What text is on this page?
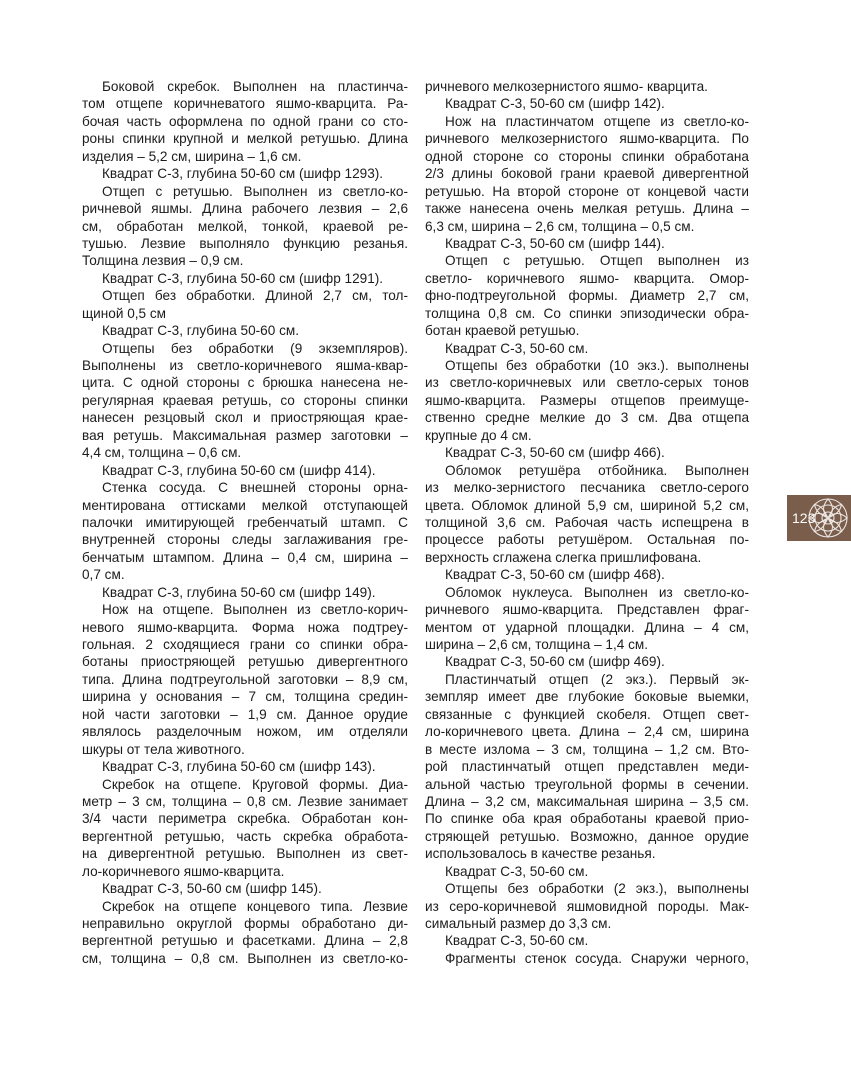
Боковой скребок. Выполнен на пластинча-
том отщепе коричневатого яшмо-кварцита. Ра-
бочая часть оформлена по одной грани со сто-
роны спинки крупной и мелкой ретушью. Длина
изделия – 5,2 см, ширина – 1,6 см.
Квадрат С-3, глубина 50-60 см (шифр 1293).
Отщеп с ретушью. Выполнен из светло-ко-
ричневой яшмы. Длина рабочего лезвия – 2,6
см, обработан мелкой, тонкой, краевой ре-
тушью. Лезвие выполняло функцию резанья.
Толщина лезвия – 0,9 см.
Квадрат С-3, глубина 50-60 см (шифр 1291).
Отщеп без обработки. Длиной 2,7 см, тол-
щиной 0,5 см
Квадрат С-3, глубина 50-60 см.
Отщепы без обработки (9 экземпляров).
Выполнены из светло-коричневого яшма-квар-
цита. С одной стороны с брюшка нанесена не-
регулярная краевая ретушь, со стороны спинки
нанесен резцовый скол и приостряющая крае-
вая ретушь. Максимальная размер заготовки –
4,4 см, толщина – 0,6 см.
Квадрат С-3, глубина 50-60 см (шифр 414).
Стенка сосуда. С внешней стороны орна-
ментирована оттисками мелкой отступающей
палочки имитирующей гребенчатый штамп. С
внутренней стороны следы заглаживания гре-
бенчатым штампом. Длина – 0,4 см, ширина –
0,7 см.
Квадрат С-3, глубина 50-60 см (шифр 149).
Нож на отщепе. Выполнен из светло-корич-
невого яшмо-кварцита. Форма ножа подтреу-
гольная. 2 сходящиеся грани со спинки обра-
ботаны приостряющей ретушью дивергентного
типа. Длина подтреугольной заготовки – 8,9 см,
ширина у основания – 7 см, толщина средин-
ной части заготовки – 1,9 см. Данное орудие
являлось разделочным ножом, им отделяли
шкуры от тела животного.
Квадрат С-3, глубина 50-60 см (шифр 143).
Скребок на отщепе. Круговой формы. Диа-
метр – 3 см, толщина – 0,8 см. Лезвие занимает
3/4 части периметра скребка. Обработан кон-
вергентной ретушью, часть скребка обработа-
на дивергентной ретушью. Выполнен из свет-
ло-коричневого яшмо-кварцита.
Квадрат С-3, 50-60 см (шифр 145).
Скребок на отщепе концевого типа. Лезвие
неправильно округлой формы обработано ди-
вергентной ретушью и фасетками. Длина – 2,8
см, толщина – 0,8 см. Выполнен из светло-ко-
ричневого мелкозернистого яшмо- кварцита.
Квадрат С-3, 50-60 см (шифр 142).
Нож на пластинчатом отщепе из светло-ко-
ричневого мелкозернистого яшмо-кварцита. По
одной стороне со стороны спинки обработана
2/3 длины боковой грани краевой дивергентной
ретушью. На второй стороне от концевой части
также нанесена очень мелкая ретушь. Длина –
6,3 см, ширина – 2,6 см, толщина – 0,5 см.
Квадрат С-3, 50-60 см (шифр 144).
Отщеп с ретушью. Отщеп выполнен из
светло- коричневого яшмо- кварцита. Омор-
фно-подтреугольной формы. Диаметр 2,7 см,
толщина 0,8 см. Со спинки эпизодически обра-
ботан краевой ретушью.
Квадрат С-3, 50-60 см.
Отщепы без обработки (10 экз.). выполнены
из светло-коричневых или светло-серых тонов
яшмо-кварцита. Размеры отщепов преимуще-
ственно средне мелкие до 3 см. Два отщепа
крупные до 4 см.
Квадрат С-3, 50-60 см (шифр 466).
Обломок ретушёра отбойника. Выполнен
из мелко-зернистого песчаника светло-серого
цвета. Обломок длиной 5,9 см, шириной 5,2 см,
толщиной 3,6 см. Рабочая часть испещрена в
процессе работы ретушёром. Остальная по-
верхность сглажена слегка пришлифована.
Квадрат С-3, 50-60 см (шифр 468).
Обломок нуклеуса. Выполнен из светло-ко-
ричневого яшмо-кварцита. Представлен фраг-
ментом от ударной площадки. Длина – 4 см,
ширина – 2,6 см, толщина – 1,4 см.
Квадрат С-3, 50-60 см (шифр 469).
Пластинчатый отщеп (2 экз.). Первый эк-
земпляр имеет две глубокие боковые выемки,
связанные с функцией скобеля. Отщеп свет-
ло-коричневого цвета. Длина – 2,4 см, ширина
в месте излома – 3 см, толщина – 1,2 см. Вто-
рой пластинчатый отщеп представлен меди-
альной частью треугольной формы в сечении.
Длина – 3,2 см, максимальная ширина – 3,5 см.
По спинке оба края обработаны краевой прио-
стряющей ретушью. Возможно, данное орудие
использовалось в качестве резанья.
Квадрат С-3, 50-60 см.
Отщепы без обработки (2 экз.), выполнены
из серо-коричневой яшмовидной породы. Мак-
симальный размер до 3,3 см.
Квадрат С-3, 50-60 см.
Фрагменты стенок сосуда. Снаружи черного,
123
